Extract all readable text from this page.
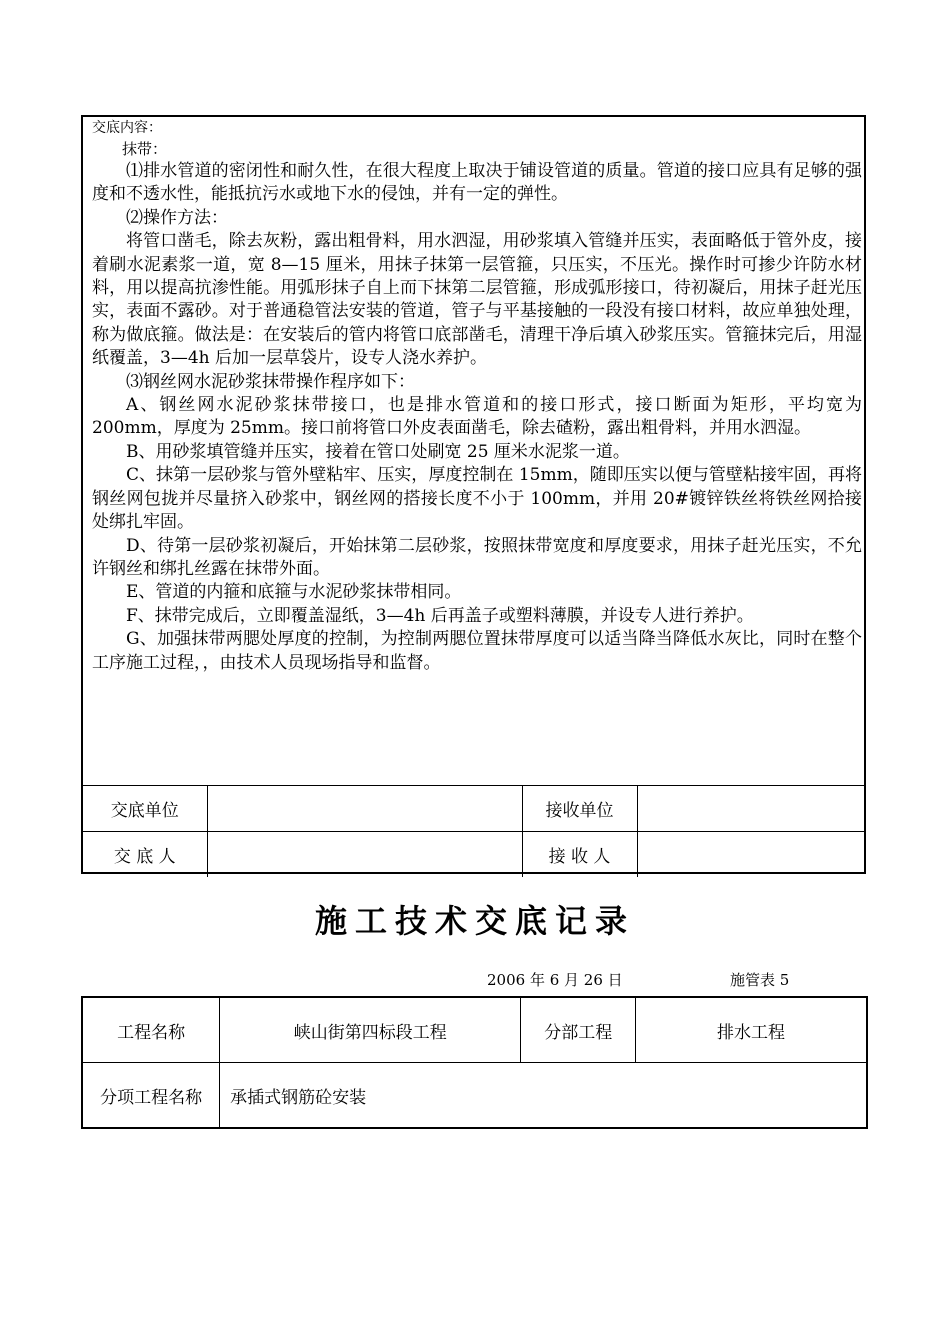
交底内容：

抹带：

⑴排水管道的密闭性和耐久性，在很大程度上取决于铺设管道的质量。管道的接口应具有足够的强度和不透水性，能抵抗污水或地下水的侵蚀，并有一定的弹性。

⑵操作方法：

将管口凿毛，除去灰粉，露出粗骨料，用水泗湿，用砂浆填入管缝并压实，表面略低于管外皮，接着刷水泥素浆一道，宽 8—15 厘米，用抹子抹第一层管箍，只压实，不压光。操作时可掺少许防水材料，用以提高抗渗性能。用弧形抹子自上而下抹第二层管箍，形成弧形接口，待初凝后，用抹子赶光压实，表面不露砂。对于普通稳管法安装的管道，管子与平基接触的一段没有接口材料，故应单独处理，称为做底箍。做法是：在安装后的管内将管口底部凿毛，清理干净后填入砂浆压实。管箍抹完后，用湿纸覆盖，3—4h 后加一层草袋片，设专人浇水养护。

⑶钢丝网水泥砂浆抹带操作程序如下：

A、钢丝网水泥砂浆抹带接口，也是排水管道和的接口形式，接口断面为矩形，平均宽为 200mm，厚度为 25mm。接口前将管口外皮表面凿毛，除去碴粉，露出粗骨料，并用水泗湿。

B、用砂浆填管缝并压实，接着在管口处刷宽 25 厘米水泥浆一道。

C、抹第一层砂浆与管外壁粘牢、压实，厚度控制在 15mm，随即压实以便与管壁粘接牢固，再将钢丝网包拢并尽量挤入砂浆中，钢丝网的搭接长度不小于 100mm，并用 20#镀锌铁丝将铁丝网拾接处绑扎牢固。

D、待第一层砂浆初凝后，开始抹第二层砂浆，按照抹带宽度和厚度要求，用抹子赶光压实，不允许钢丝和绑扎丝露在抹带外面。

E、管道的内箍和底箍与水泥砂浆抹带相同。

F、抹带完成后，立即覆盖湿纸，3—4h 后再盖子或塑料薄膜，并设专人进行养护。

G、加强抹带两腮处厚度的控制，为控制两腮位置抹带厚度可以适当降当降低水灰比，同时在整个工序施工过程，，由技术人员现场指导和监督。

交底单位		接收单位	
交 底 人		接 收 人	
施工技术交底记录
2006 年 6 月 26 日	施管表 5
工程名称	峡山街第四标段工程	分部工程	排水工程
分项工程名称	承插式钢筋砼安装		
